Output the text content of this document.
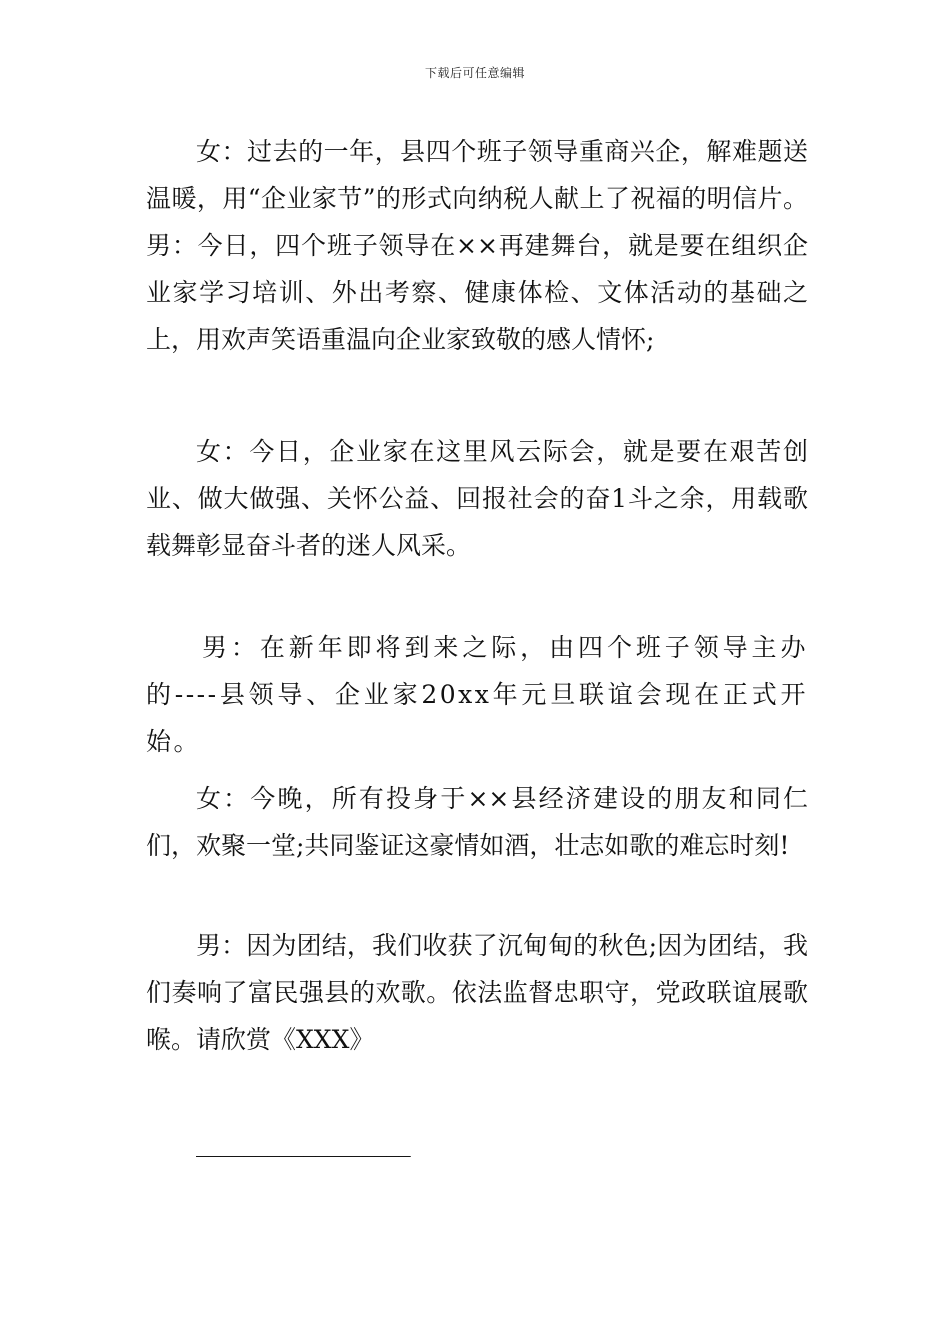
下载后可任意编辑

女：过去的一年，县四个班子领导重商兴企，解难题送温暖，用“企业家节”的形式向纳税人献上了祝福的明信片。男：今日，四个班子领导在××再建舞台，就是要在组织企业家学习培训、外出考察、健康体检、文体活动的基础之上，用欢声笑语重温向企业家致敬的感人情怀;

女：今日，企业家在这里风云际会，就是要在艰苦创业、做大做强、关怀公益、回报社会的奋1斗之余，用载歌载舞彰显奋斗者的迷人风采。

男：在新年即将到来之际，由四个班子领导主办的----县领导、企业家20xx年元旦联谊会现在正式开始。

女：今晚，所有投身于××县经济建设的朋友和同仁们，欢聚一堂;共同鉴证这豪情如酒，壮志如歌的难忘时刻!

男：因为团结，我们收获了沉甸甸的秋色;因为团结，我们奏响了富民强县的欢歌。依法监督忠职守，党政联谊展歌喉。请欣赏《XXX》

__________________
